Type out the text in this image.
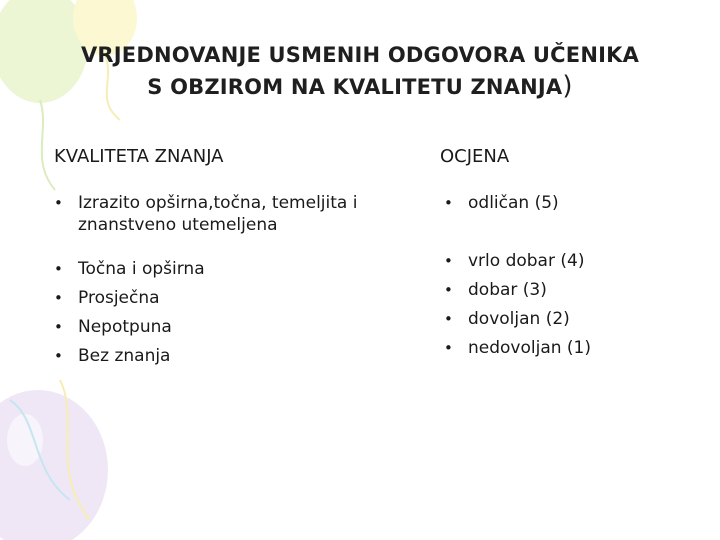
VRJEDNOVANJE USMENIH ODGOVORA UČENIKA
S OBZIROM NA KVALITETU ZNANJA)
KVALITETA ZNANJA	OCJENA
• Izrazito opširna,točna, temeljita i znanstveno utemeljena
• Točna i opširna
• Prosječna
• Nepotpuna
• Bez znanja
• odličan (5)
• vrlo dobar (4)
• dobar (3)
• dovoljan (2)
• nedovoljan (1)
